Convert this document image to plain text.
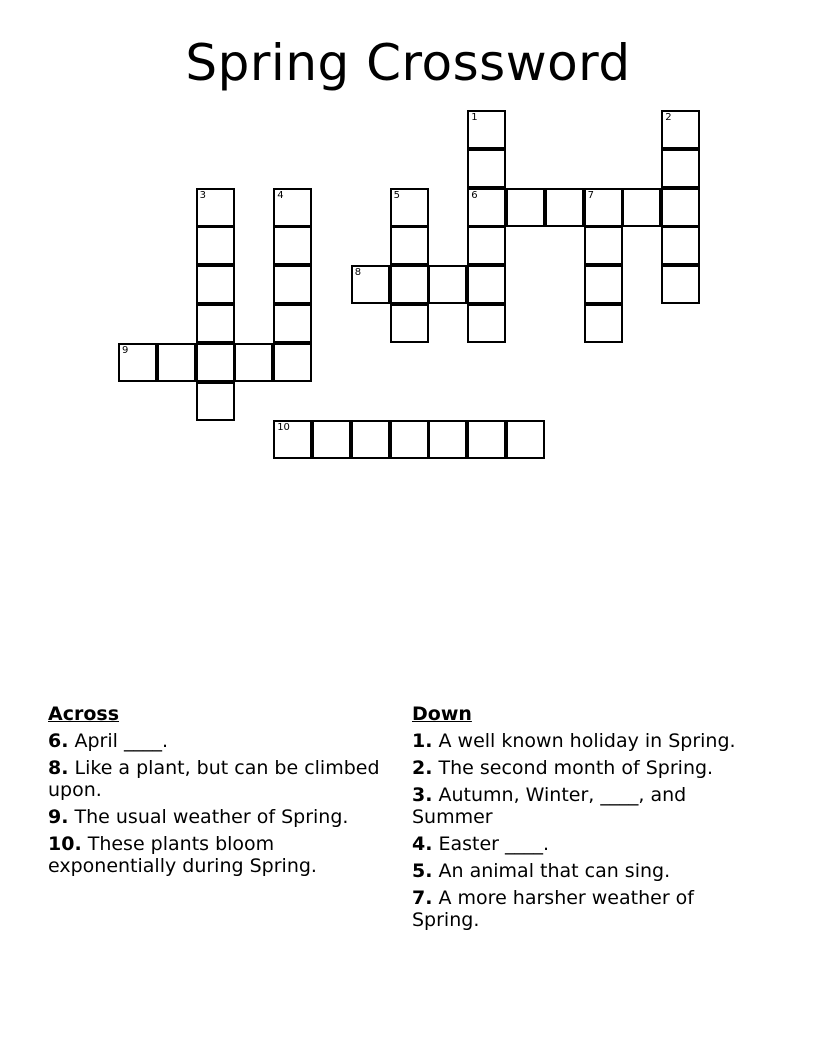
Spring Crossword
1	2
3	4	5	6	7
8
9
10
Across
6. April ____.
8. Like a plant, but can be climbed upon.
9. The usual weather of Spring.
10. These plants bloom exponentially during Spring.
Down
1. A well known holiday in Spring.
2. The second month of Spring.
3. Autumn, Winter, ____, and Summer
4. Easter ____.
5. An animal that can sing.
7. A more harsher weather of Spring.
